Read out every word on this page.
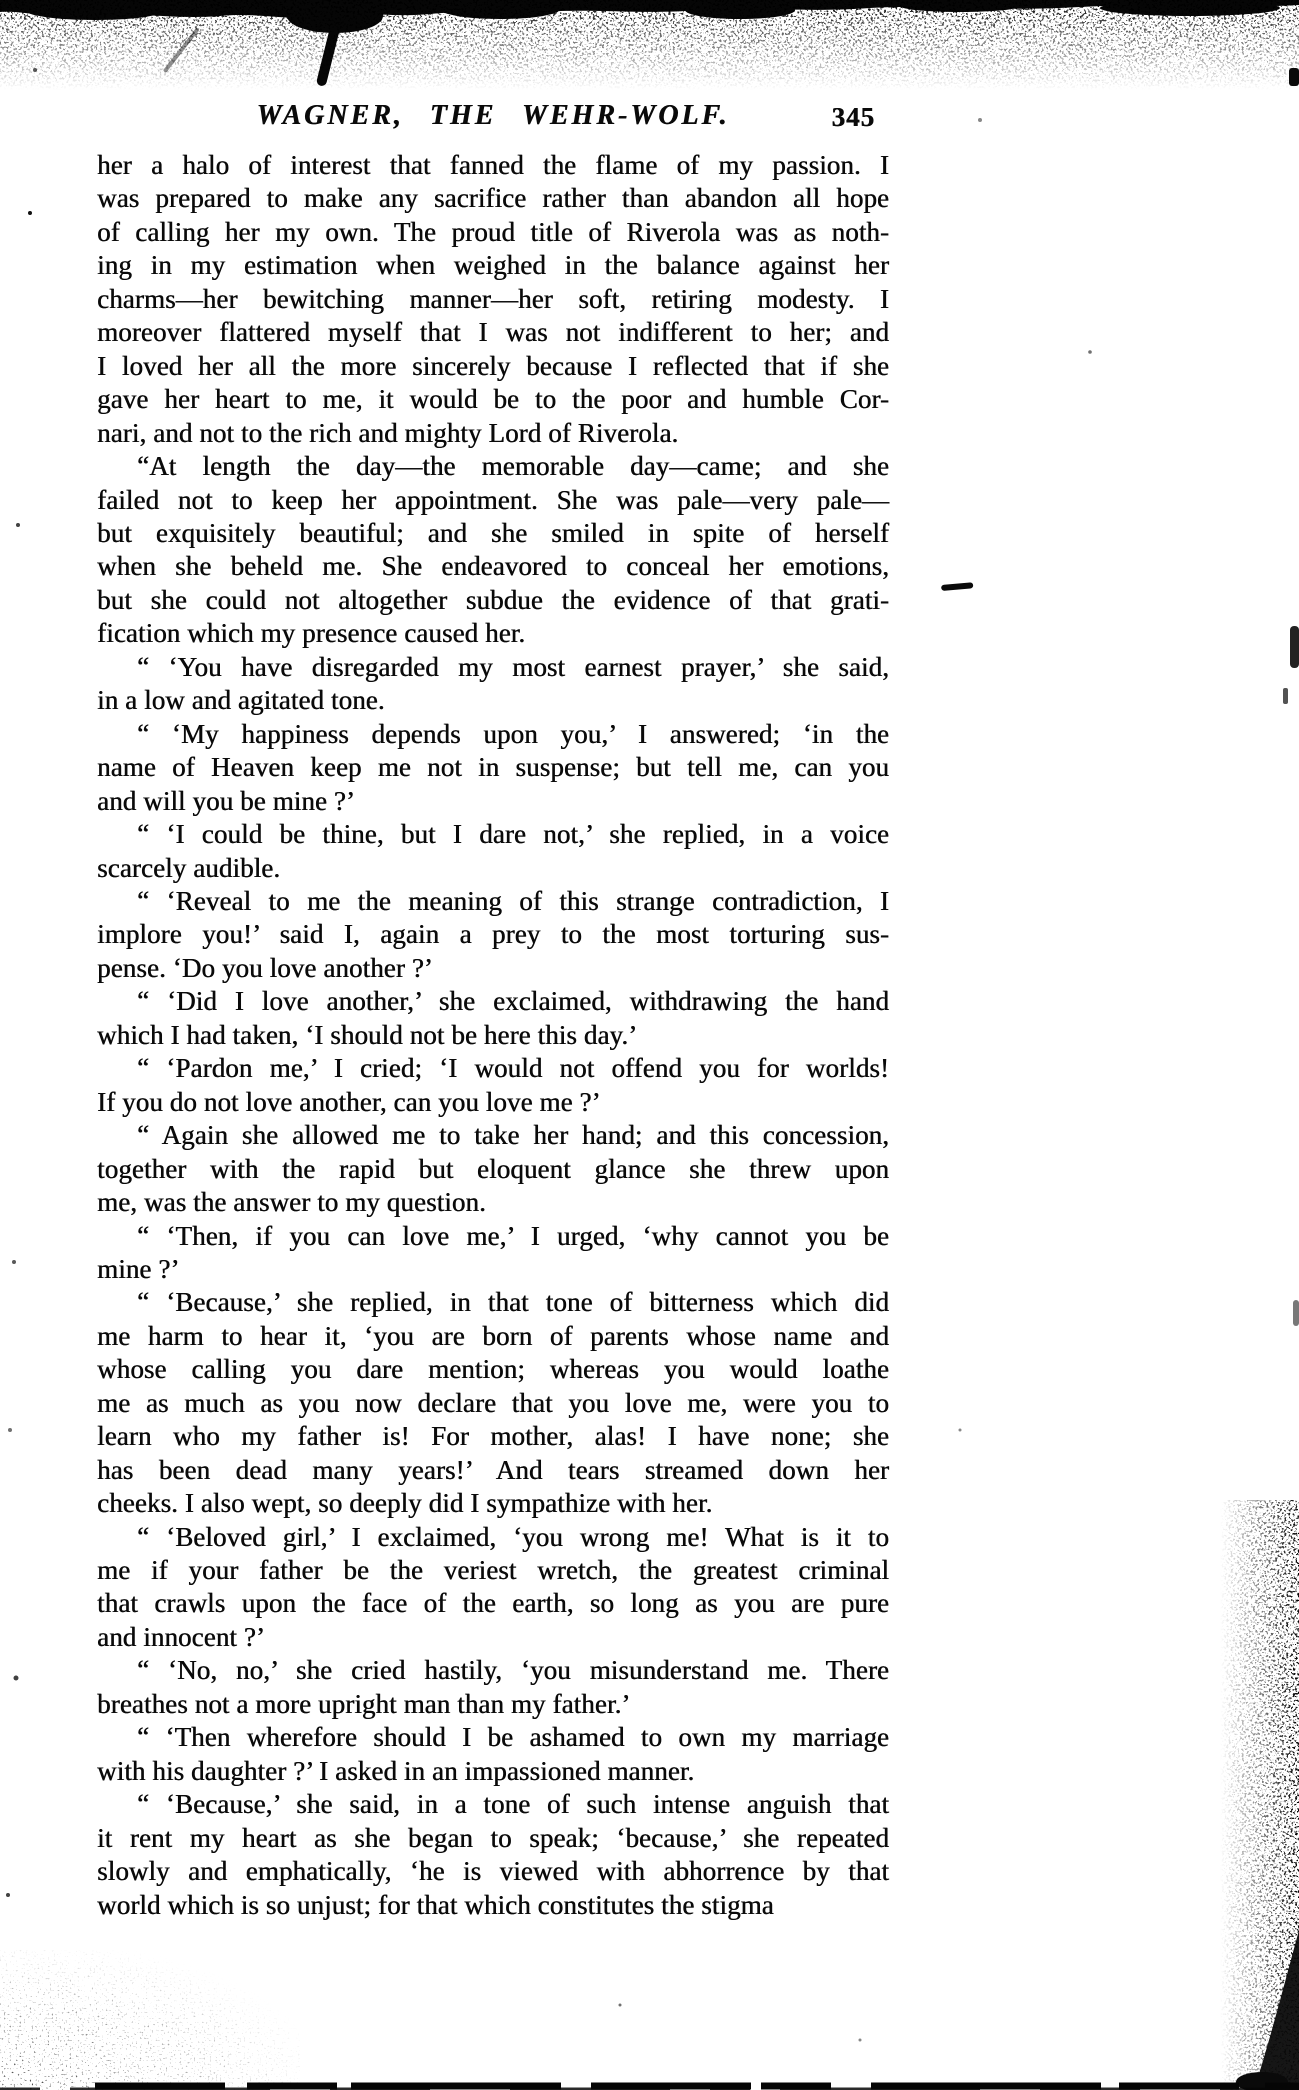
WAGNER, THE WEHR-WOLF.	345
her a halo of interest that fanned the flame of my passion. I
was prepared to make any sacrifice rather than abandon all hope
of calling her my own. The proud title of Riverola was as noth-
ing in my estimation when weighed in the balance against her
charms—her bewitching manner—her soft, retiring modesty. I
moreover flattered myself that I was not indifferent to her; and
I loved her all the more sincerely because I reflected that if she
gave her heart to me, it would be to the poor and humble Cor-
nari, and not to the rich and mighty Lord of Riverola.
“At length the day—the memorable day—came; and she
failed not to keep her appointment. She was pale—very pale—
but exquisitely beautiful; and she smiled in spite of herself
when she beheld me. She endeavored to conceal her emotions,
but she could not altogether subdue the evidence of that grati-
fication which my presence caused her.
“ ‘You have disregarded my most earnest prayer,’ she said,
in a low and agitated tone.
“ ‘My happiness depends upon you,’ I answered; ‘in the
name of Heaven keep me not in suspense; but tell me, can you
and will you be mine ?’
“ ‘I could be thine, but I dare not,’ she replied, in a voice
scarcely audible.
“ ‘Reveal to me the meaning of this strange contradiction, I
implore you!’ said I, again a prey to the most torturing sus-
pense. ‘Do you love another ?’
“ ‘Did I love another,’ she exclaimed, withdrawing the hand
which I had taken, ‘I should not be here this day.’
“ ‘Pardon me,’ I cried; ‘I would not offend you for worlds!
If you do not love another, can you love me ?’
“ Again she allowed me to take her hand; and this concession,
together with the rapid but eloquent glance she threw upon
me, was the answer to my question.
“ ‘Then, if you can love me,’ I urged, ‘why cannot you be
mine ?’
“ ‘Because,’ she replied, in that tone of bitterness which did
me harm to hear it, ‘you are born of parents whose name and
whose calling you dare mention; whereas you would loathe
me as much as you now declare that you love me, were you to
learn who my father is! For mother, alas! I have none; she
has been dead many years!’ And tears streamed down her
cheeks. I also wept, so deeply did I sympathize with her.
“ ‘Beloved girl,’ I exclaimed, ‘you wrong me! What is it to
me if your father be the veriest wretch, the greatest criminal
that crawls upon the face of the earth, so long as you are pure
and innocent ?’
“ ‘No, no,’ she cried hastily, ‘you misunderstand me. There
breathes not a more upright man than my father.’
“ ‘Then wherefore should I be ashamed to own my marriage
with his daughter ?’ I asked in an impassioned manner.
“ ‘Because,’ she said, in a tone of such intense anguish that
it rent my heart as she began to speak; ‘because,’ she repeated
slowly and emphatically, ‘he is viewed with abhorrence by that
world which is so unjust; for that which constitutes the stigma
